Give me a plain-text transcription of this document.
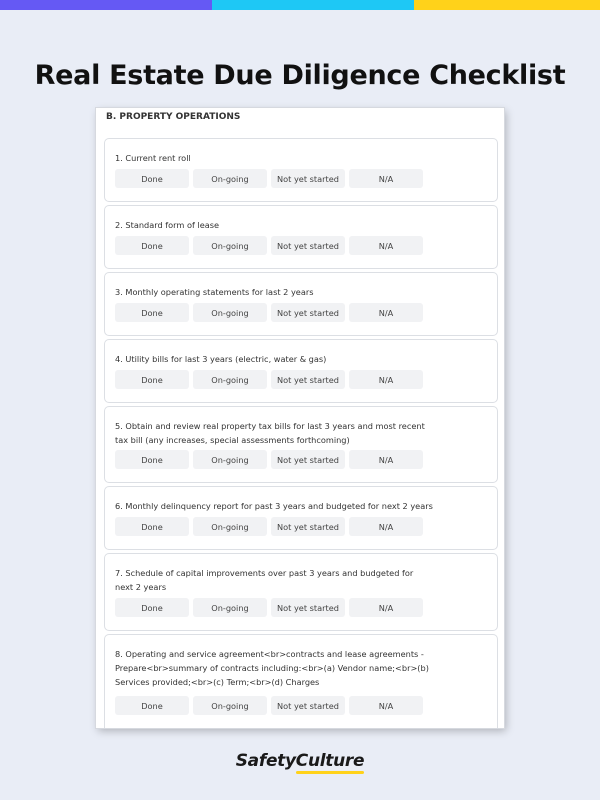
Real Estate Due Diligence Checklist
B. PROPERTY OPERATIONS
1. Current rent roll
Done	On-going	Not yet started	N/A
2. Standard form of lease
Done	On-going	Not yet started	N/A
3. Monthly operating statements for last 2 years
Done	On-going	Not yet started	N/A
4. Utility bills for last 3 years (electric, water & gas)
Done	On-going	Not yet started	N/A
5. Obtain and review real property tax bills for last 3 years and most recent tax bill (any increases, special assessments forthcoming)
Done	On-going	Not yet started	N/A
6. Monthly delinquency report for past 3 years and budgeted for next 2 years
Done	On-going	Not yet started	N/A
7. Schedule of capital improvements over past 3 years and budgeted for next 2 years
Done	On-going	Not yet started	N/A
8. Operating and service agreement<br>contracts and lease agreements - Prepare<br>summary of contracts including:<br>(a) Vendor name;<br>(b) Services provided;<br>(c) Term;<br>(d) Charges
Done	On-going	Not yet started	N/A
SafetyCulture
